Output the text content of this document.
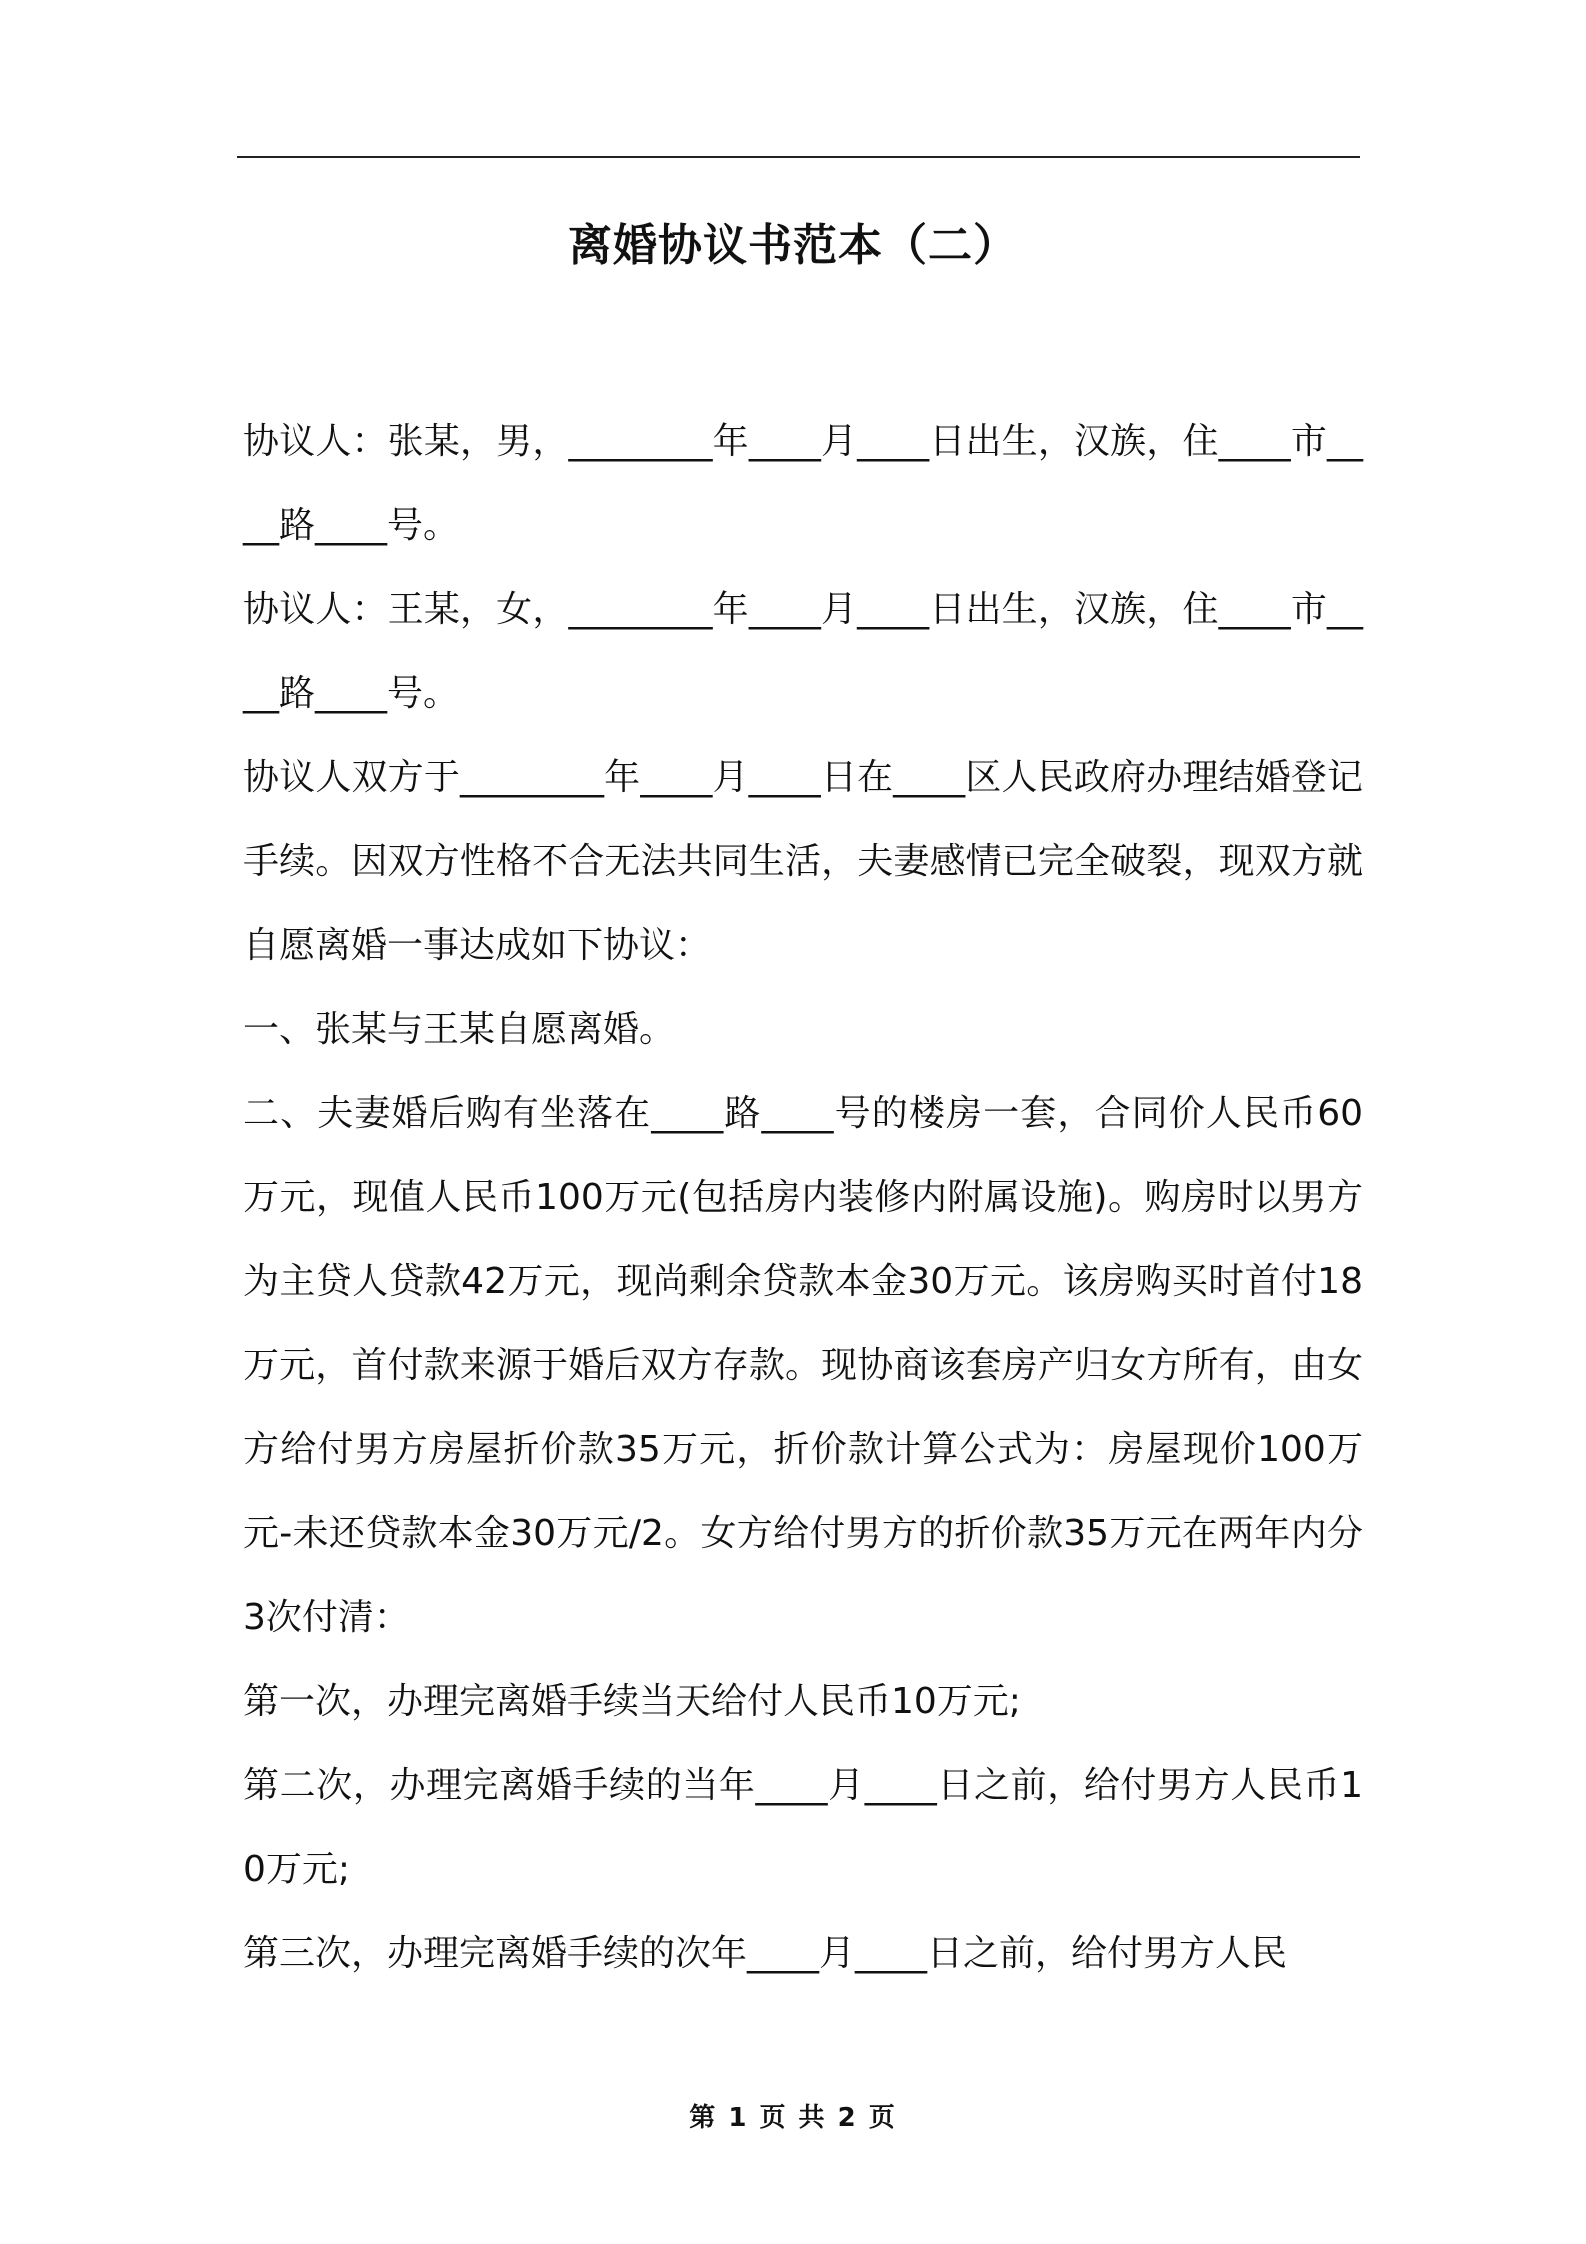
离婚协议书范本（二）

协议人：张某，男，________年____月____日出生，汉族，住____市____路____号。

协议人：王某，女，________年____月____日出生，汉族，住____市____路____号。

协议人双方于________年____月____日在____区人民政府办理结婚登记手续。因双方性格不合无法共同生活，夫妻感情已完全破裂，现双方就自愿离婚一事达成如下协议：

一、张某与王某自愿离婚。

二、夫妻婚后购有坐落在____路____号的楼房一套，合同价人民币60万元，现值人民币100万元(包括房内装修内附属设施)。购房时以男方为主贷人贷款42万元，现尚剩余贷款本金30万元。该房购买时首付18万元，首付款来源于婚后双方存款。现协商该套房产归女方所有，由女方给付男方房屋折价款35万元，折价款计算公式为：房屋现价100万元-未还贷款本金30万元/2。女方给付男方的折价款35万元在两年内分3次付清：

第一次，办理完离婚手续当天给付人民币10万元;

第二次，办理完离婚手续的当年____月____日之前，给付男方人民币10万元;

第三次，办理完离婚手续的次年____月____日之前，给付男方人民

第 1 页 共 2 页
